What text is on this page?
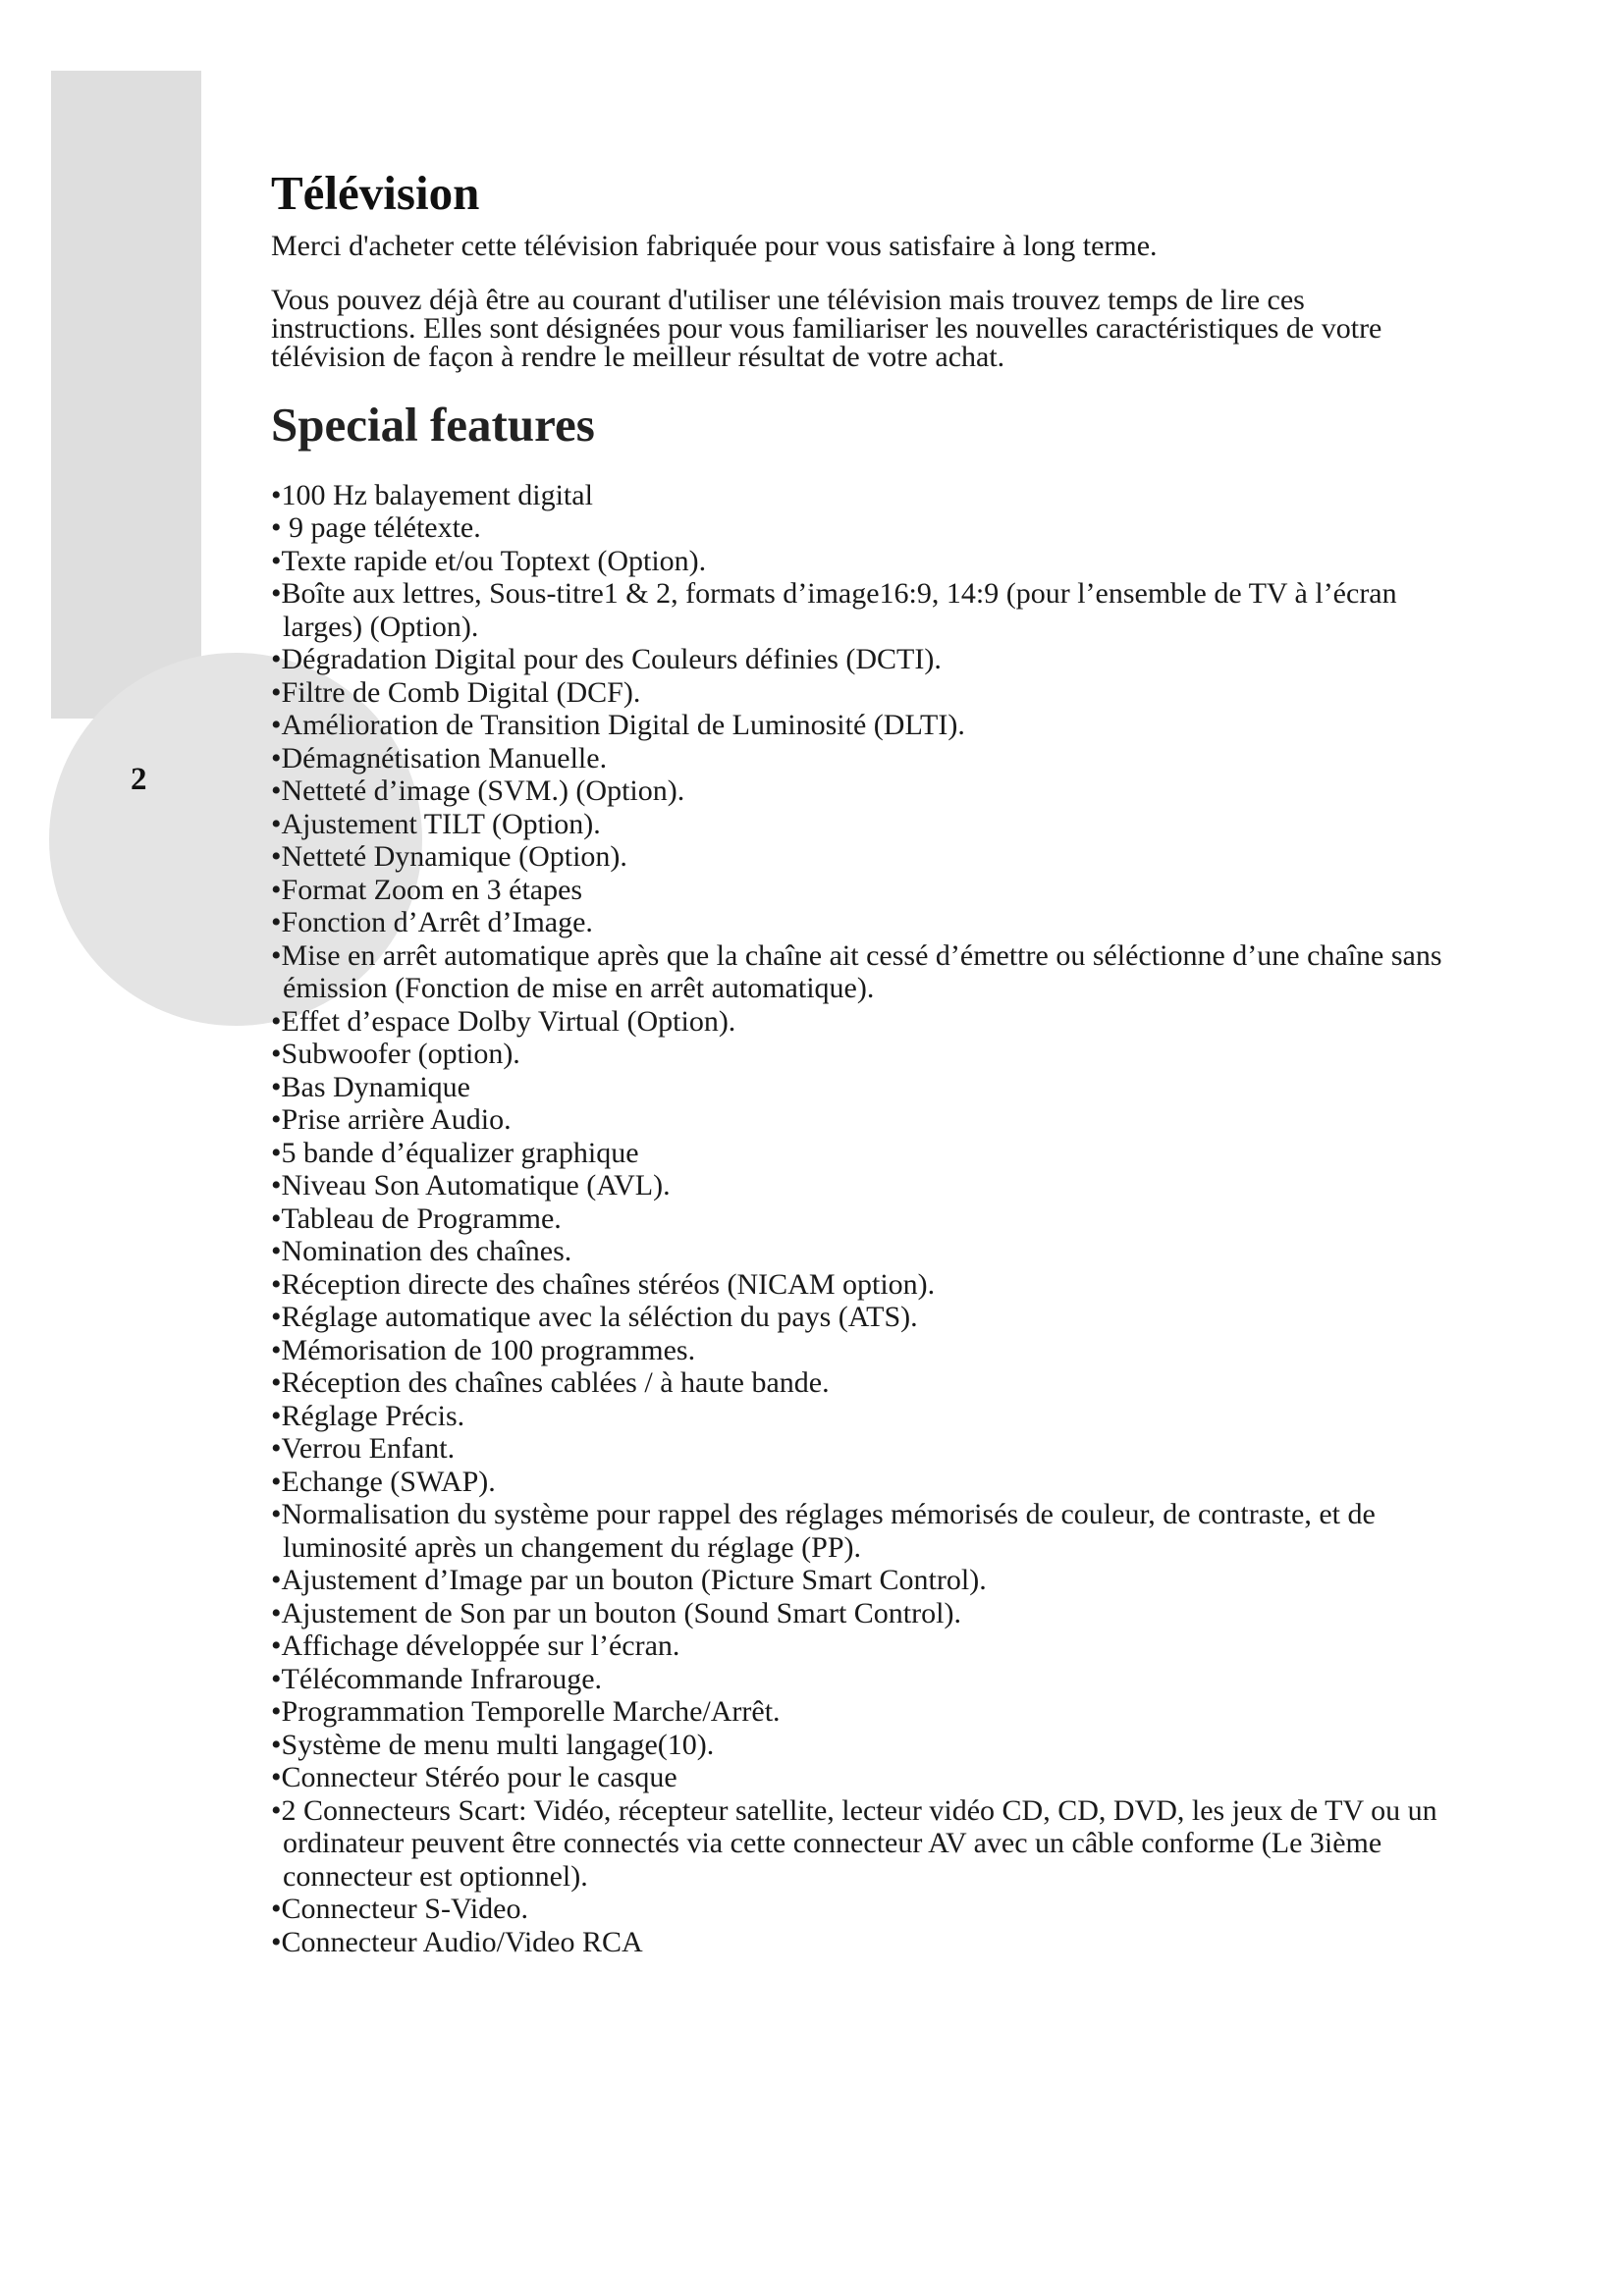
2
Télévision

Merci d'acheter cette télévision fabriquée pour vous satisfaire à long terme.

Vous pouvez déjà être au courant d'utiliser une télévision mais trouvez temps de lire ces instructions. Elles sont désignées pour vous familiariser les nouvelles caractéristiques de votre télévision de façon à rendre le meilleur résultat de votre achat.

Special features
• 100 Hz balayement digital
• 9 page télétexte.
• Texte rapide et/ou Toptext (Option).
• Boîte aux lettres, Sous-titre1 & 2, formats d’image16:9, 14:9 (pour l’ensemble de TV à l’écran larges) (Option).
• Dégradation Digital pour des Couleurs définies (DCTI).
• Filtre de Comb Digital (DCF).
• Amélioration de Transition Digital de Luminosité (DLTI).
• Démagnétisation Manuelle.
• Netteté d’image (SVM.) (Option).
• Ajustement TILT (Option).
• Netteté Dynamique (Option).
• Format Zoom en 3 étapes
• Fonction d’Arrêt d’Image.
• Mise en arrêt automatique après que la chaîne ait cessé d’émettre ou séléctionne d’une chaîne sans émission (Fonction de mise en arrêt automatique).
• Effet d’espace Dolby Virtual (Option).
• Subwoofer (option).
• Bas Dynamique
• Prise arrière Audio.
• 5 bande d’équalizer graphique
• Niveau Son Automatique (AVL).
• Tableau de Programme.
• Nomination des chaînes.
• Réception directe des chaînes stéréos (NICAM option).
• Réglage automatique avec la séléction du pays (ATS).
• Mémorisation de 100 programmes.
• Réception des chaînes cablées / à haute bande.
• Réglage Précis.
• Verrou Enfant.
• Echange (SWAP).
• Normalisation du système pour rappel des réglages mémorisés de couleur, de contraste, et de luminosité après un changement du réglage (PP).
• Ajustement d’Image par un bouton (Picture Smart Control).
• Ajustement de Son par un bouton (Sound Smart Control).
• Affichage développée sur l’écran.
• Télécommande Infrarouge.
• Programmation Temporelle Marche/Arrêt.
• Système de menu multi langage(10).
• Connecteur Stéréo pour le casque
• 2 Connecteurs Scart: Vidéo, récepteur satellite, lecteur vidéo CD, CD, DVD, les jeux de TV ou un ordinateur peuvent être connectés via cette connecteur AV avec un câble conforme (Le 3ième connecteur est optionnel).
• Connecteur S-Video.
• Connecteur Audio/Video RCA
